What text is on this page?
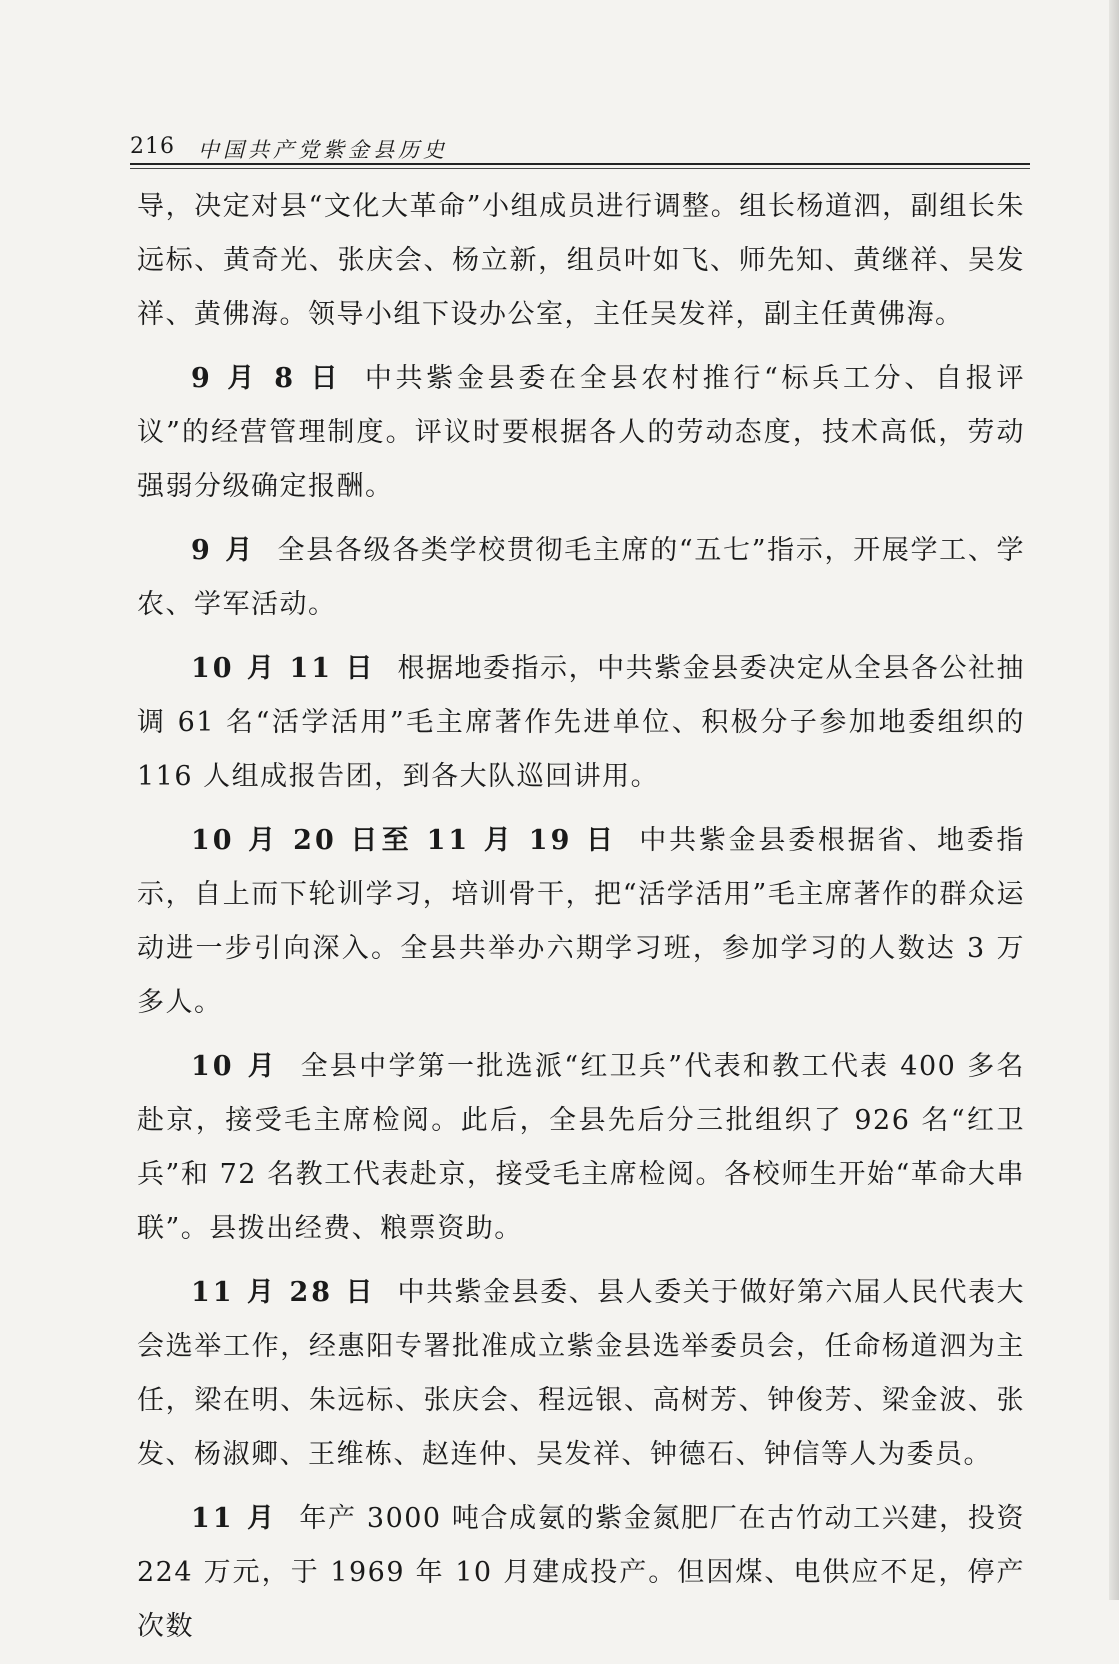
216 中国共产党紫金县历史

导，决定对县“文化大革命”小组成员进行调整。组长杨道泗，副组长朱远标、黄奇光、张庆会、杨立新，组员叶如飞、师先知、黄继祥、吴发祥、黄佛海。领导小组下设办公室，主任吴发祥，副主任黄佛海。

9 月 8 日 中共紫金县委在全县农村推行“标兵工分、自报评议”的经营管理制度。评议时要根据各人的劳动态度，技术高低，劳动强弱分级确定报酬。

9 月 全县各级各类学校贯彻毛主席的“五七”指示，开展学工、学农、学军活动。

10 月 11 日 根据地委指示，中共紫金县委决定从全县各公社抽调 61 名“活学活用”毛主席著作先进单位、积极分子参加地委组织的 116 人组成报告团，到各大队巡回讲用。

10 月 20 日至 11 月 19 日 中共紫金县委根据省、地委指示，自上而下轮训学习，培训骨干，把“活学活用”毛主席著作的群众运动进一步引向深入。全县共举办六期学习班，参加学习的人数达 3 万多人。

10 月 全县中学第一批选派“红卫兵”代表和教工代表 400 多名赴京，接受毛主席检阅。此后，全县先后分三批组织了 926 名“红卫兵”和 72 名教工代表赴京，接受毛主席检阅。各校师生开始“革命大串联”。县拨出经费、粮票资助。

11 月 28 日 中共紫金县委、县人委关于做好第六届人民代表大会选举工作，经惠阳专署批准成立紫金县选举委员会，任命杨道泗为主任，梁在明、朱远标、张庆会、程远银、高树芳、钟俊芳、梁金波、张发、杨淑卿、王维栋、赵连仲、吴发祥、钟德石、钟信等人为委员。

11 月 年产 3000 吨合成氨的紫金氮肥厂在古竹动工兴建，投资 224 万元，于 1969 年 10 月建成投产。但因煤、电供应不足，停产次数
